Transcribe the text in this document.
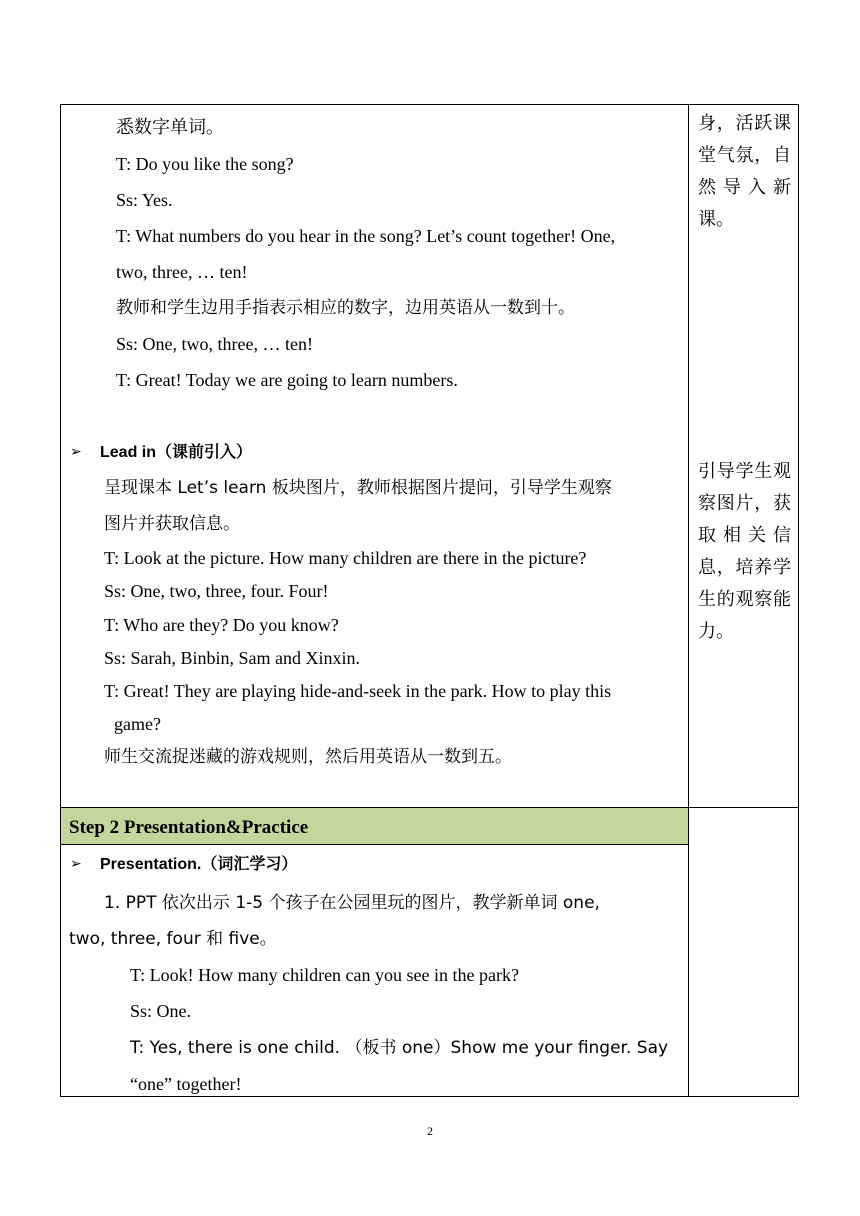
悉数字单词。
T: Do you like the song?
Ss: Yes.
T: What numbers do you hear in the song? Let’s count together! One,
two, three, … ten!
教师和学生边用手指表示相应的数字，边用英语从一数到十。
Ss: One, two, three, … ten!
T: Great! Today we are going to learn numbers.
身，活跃课堂气氛，自然导入新课。
➢ Lead in（课前引入）
呈现课本 Let’s learn 板块图片，教师根据图片提问，引导学生观察
图片并获取信息。
T: Look at the picture. How many children are there in the picture?
Ss: One, two, three, four. Four!
T: Who are they? Do you know?
Ss: Sarah, Binbin, Sam and Xinxin.
T: Great! They are playing hide-and-seek in the park. How to play this
game?
师生交流捉迷藏的游戏规则，然后用英语从一数到五。
引导学生观察图片，获取相关信息，培养学生的观察能力。
Step 2 Presentation&Practice
➢ Presentation.（词汇学习）
1. PPT 依次出示 1-5 个孩子在公园里玩的图片，教学新单词 one,
two, three, four 和 five。
T: Look! How many children can you see in the park?
Ss: One.
T: Yes, there is one child. （板书 one）Show me your finger. Say
“one” together!
2
